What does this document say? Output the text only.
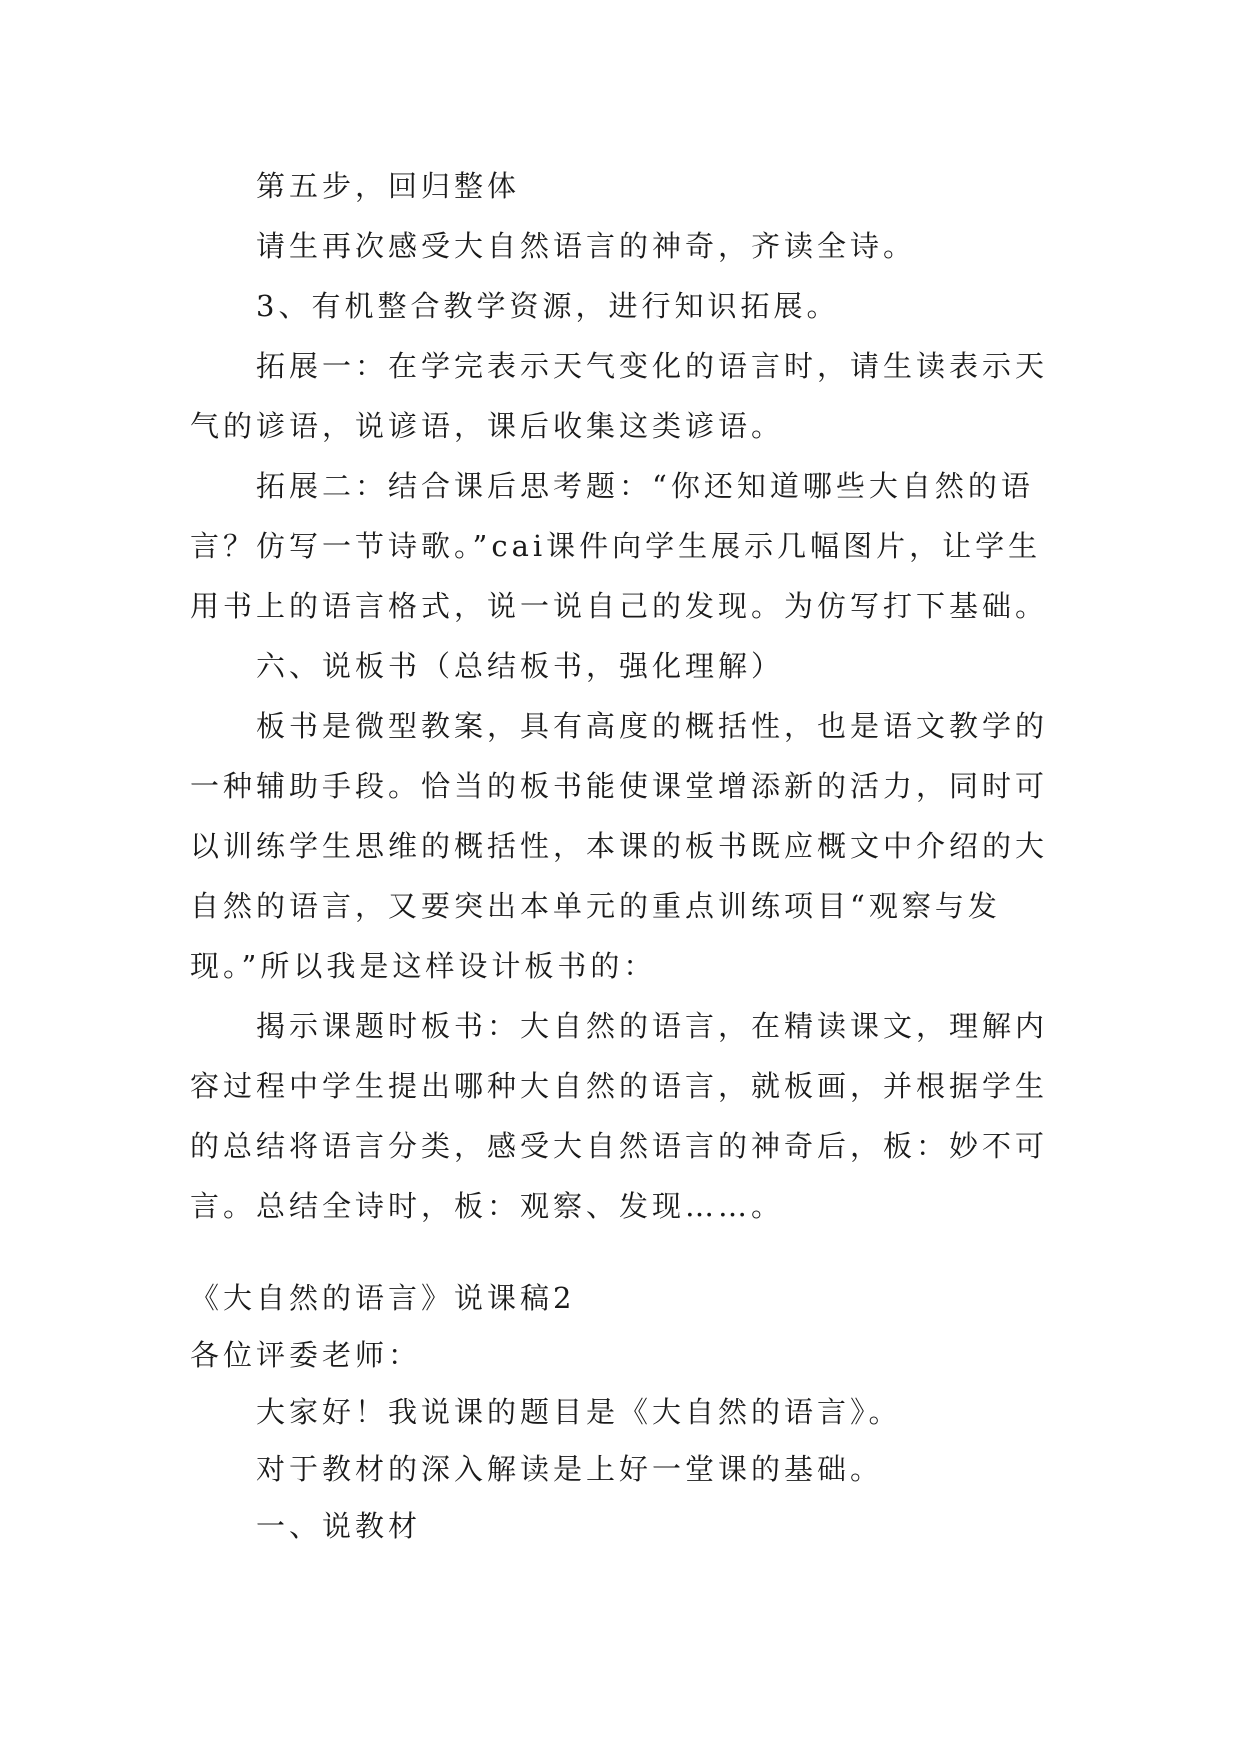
第五步，回归整体

请生再次感受大自然语言的神奇，齐读全诗。

3、有机整合教学资源，进行知识拓展。

拓展一：在学完表示天气变化的语言时，请生读表示天气的谚语，说谚语，课后收集这类谚语。

拓展二：结合课后思考题：“你还知道哪些大自然的语言？仿写一节诗歌。”cai课件向学生展示几幅图片，让学生用书上的语言格式，说一说自己的发现。为仿写打下基础。

六、说板书（总结板书，强化理解）

板书是微型教案，具有高度的概括性，也是语文教学的一种辅助手段。恰当的板书能使课堂增添新的活力，同时可以训练学生思维的概括性，本课的板书既应概文中介绍的大自然的语言，又要突出本单元的重点训练项目“观察与发现。”所以我是这样设计板书的：

揭示课题时板书：大自然的语言，在精读课文，理解内容过程中学生提出哪种大自然的语言，就板画，并根据学生的总结将语言分类，感受大自然语言的神奇后，板：妙不可言。总结全诗时，板：观察、发现……。

《大自然的语言》说课稿2

各位评委老师：

大家好！我说课的题目是《大自然的语言》。

对于教材的深入解读是上好一堂课的基础。

一、说教材
